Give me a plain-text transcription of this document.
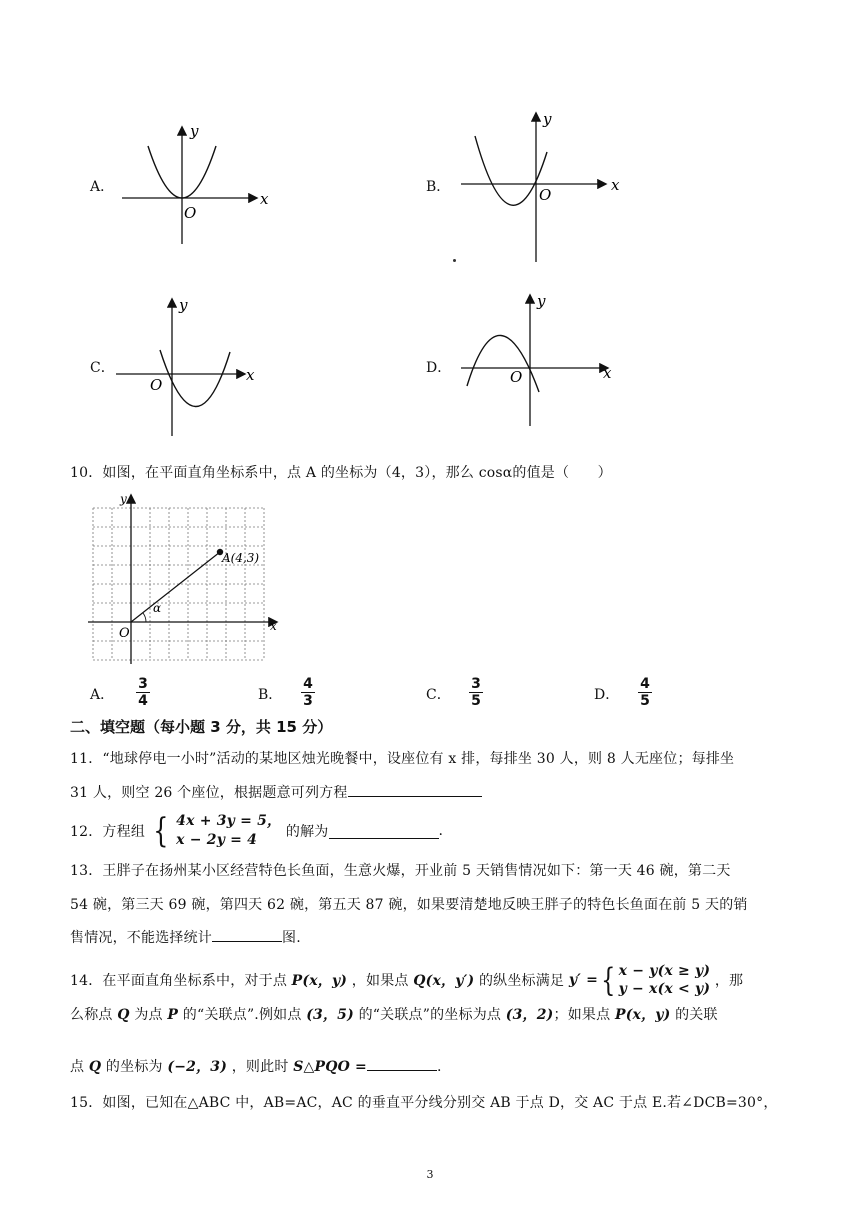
A．
x
y
O
B．	x
y
O
C．	x
y
O
D．	x
y
O
10．如图，在平面直角坐标系中，点 A 的坐标为（4，3），那么 cosα的值是（　　）
A(4,3)
α
O	x
y
A．
3
4	B．
4
3	C．
3
5	D．
4
5
二、填空题（每小题 3 分，共 15 分）
11．“地球停电一小时”活动的某地区烛光晚餐中，设座位有 x 排，每排坐 30 人，则 8 人无座位；每排坐
31 人，则空 26 个座位，根据题意可列方程
12．方程组 { 4x + 3y = 5，
x − 2y = 4	的解为	.
13．王胖子在扬州某小区经营特色长鱼面，生意火爆，开业前 5 天销售情况如下：第一天 46 碗，第二天
54 碗，第三天 69 碗，第四天 62 碗，第五天 87 碗，如果要清楚地反映王胖子的特色长鱼面在前 5 天的销
售情况，不能选择统计	图.
14．在平面直角坐标系中，对于点 P(x，y) ，如果点 Q(x，y′) 的纵坐标满足 y′ ={ x − y(x ≥ y)
y − x(x < y) ，那
么称点 Q 为点 P 的“关联点”.例如点 (3，5) 的“关联点”的坐标为点 (3，2)；如果点 P(x，y) 的关联
点 Q 的坐标为 (−2，3) ，则此时 S△PQO =	.
15．如图，已知在△ABC 中，AB=AC，AC 的垂直平分线分别交 AB 于点 D，交 AC 于点 E.若∠DCB=30°，
3
